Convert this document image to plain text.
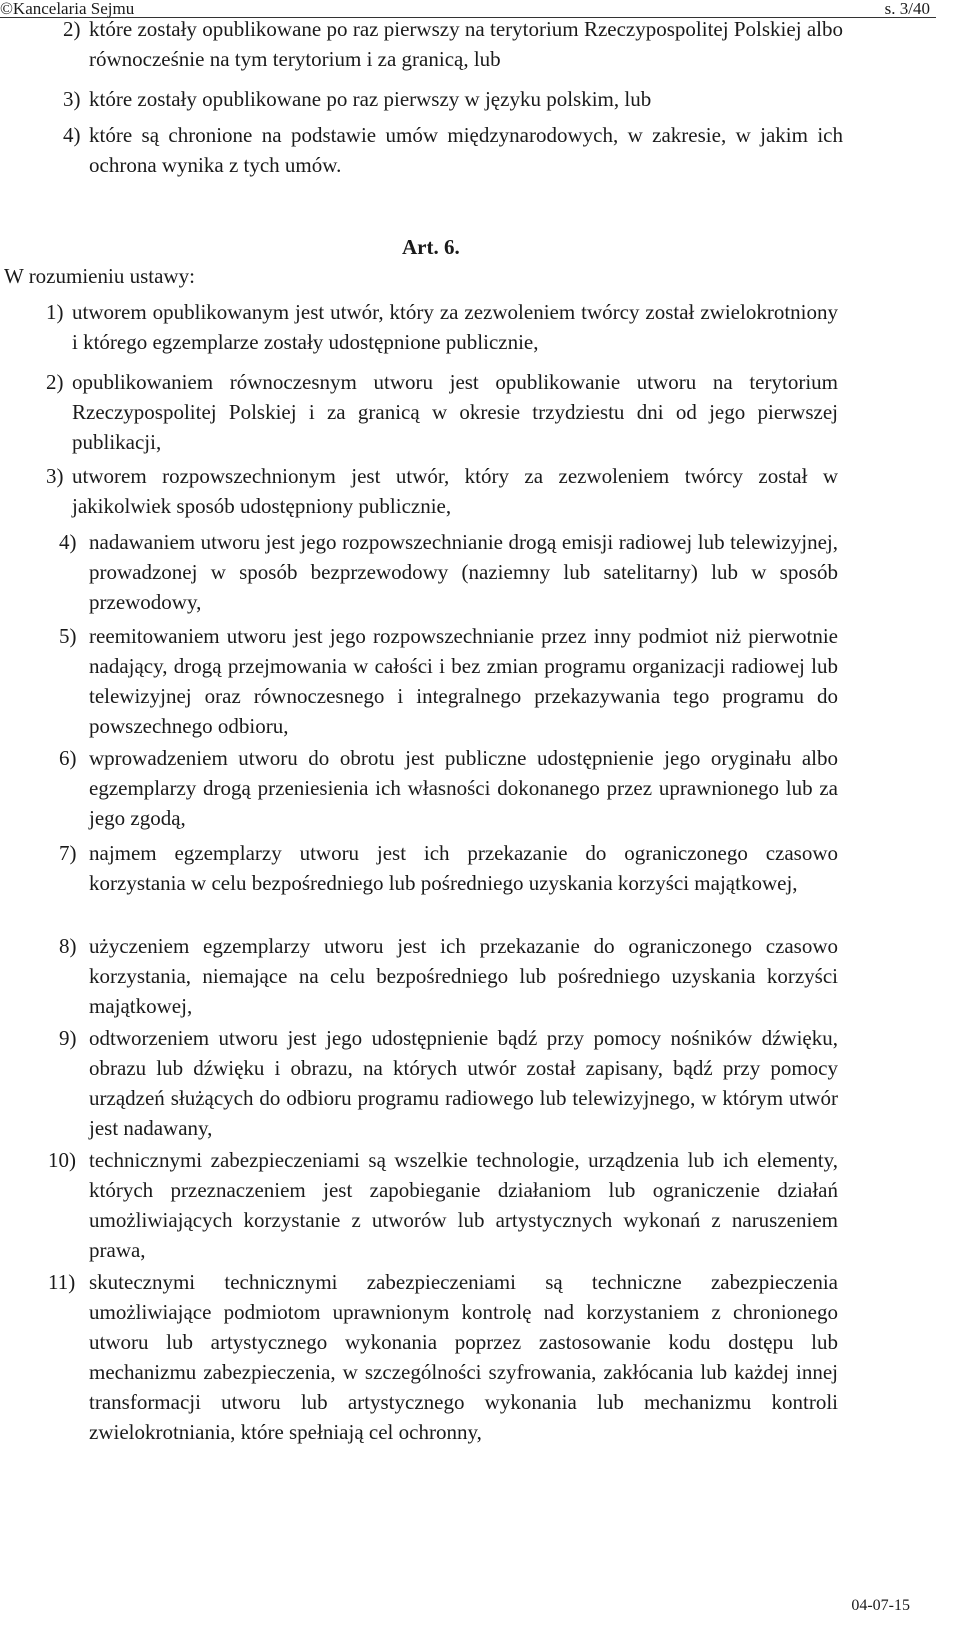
©Kancelaria Sejmu	s. 3/40
2) które zostały opublikowane po raz pierwszy na terytorium Rzeczypospolitej Polskiej albo równocześnie na tym terytorium i za granicą, lub
3) które zostały opublikowane po raz pierwszy w języku polskim, lub
4) które są chronione na podstawie umów międzynarodowych, w zakresie, w jakim ich ochrona wynika z tych umów.
Art. 6.
W rozumieniu ustawy:
1) utworem opublikowanym jest utwór, który za zezwoleniem twórcy został zwielokrotniony i którego egzemplarze zostały udostępnione publicznie,
2) opublikowaniem równoczesnym utworu jest opublikowanie utworu na terytorium Rzeczypospolitej Polskiej i za granicą w okresie trzydziestu dni od jego pierwszej publikacji,
3) utworem rozpowszechnionym jest utwór, który za zezwoleniem twórcy został w jakikolwiek sposób udostępniony publicznie,
4) nadawaniem utworu jest jego rozpowszechnianie drogą emisji radiowej lub telewizyjnej, prowadzonej w sposób bezprzewodowy (naziemny lub satelitarny) lub w sposób przewodowy,
5) reemitowaniem utworu jest jego rozpowszechnianie przez inny podmiot niż pierwotnie nadający, drogą przejmowania w całości i bez zmian programu organizacji radiowej lub telewizyjnej oraz równoczesnego i integralnego przekazywania tego programu do powszechnego odbioru,
6) wprowadzeniem utworu do obrotu jest publiczne udostępnienie jego oryginału albo egzemplarzy drogą przeniesienia ich własności dokonanego przez uprawnionego lub za jego zgodą,
7) najmem egzemplarzy utworu jest ich przekazanie do ograniczonego czasowo korzystania w celu bezpośredniego lub pośredniego uzyskania korzyści majątkowej,
8) użyczeniem egzemplarzy utworu jest ich przekazanie do ograniczonego czasowo korzystania, niemające na celu bezpośredniego lub pośredniego uzyskania korzyści majątkowej,
9) odtworzeniem utworu jest jego udostępnienie bądź przy pomocy nośników dźwięku, obrazu lub dźwięku i obrazu, na których utwór został zapisany, bądź przy pomocy urządzeń służących do odbioru programu radiowego lub telewizyjnego, w którym utwór jest nadawany,
10) technicznymi zabezpieczeniami są wszelkie technologie, urządzenia lub ich elementy, których przeznaczeniem jest zapobieganie działaniom lub ograniczenie działań umożliwiających korzystanie z utworów lub artystycznych wykonań z naruszeniem prawa,
11) skutecznymi technicznymi zabezpieczeniami są techniczne zabezpieczenia umożliwiające podmiotom uprawnionym kontrolę nad korzystaniem z chronionego utworu lub artystycznego wykonania poprzez zastosowanie kodu dostępu lub mechanizmu zabezpieczenia, w szczególności szyfrowania, zakłócania lub każdej innej transformacji utworu lub artystycznego wykonania lub mechanizmu kontroli zwielokrotniania, które spełniają cel ochronny,
04-07-15
